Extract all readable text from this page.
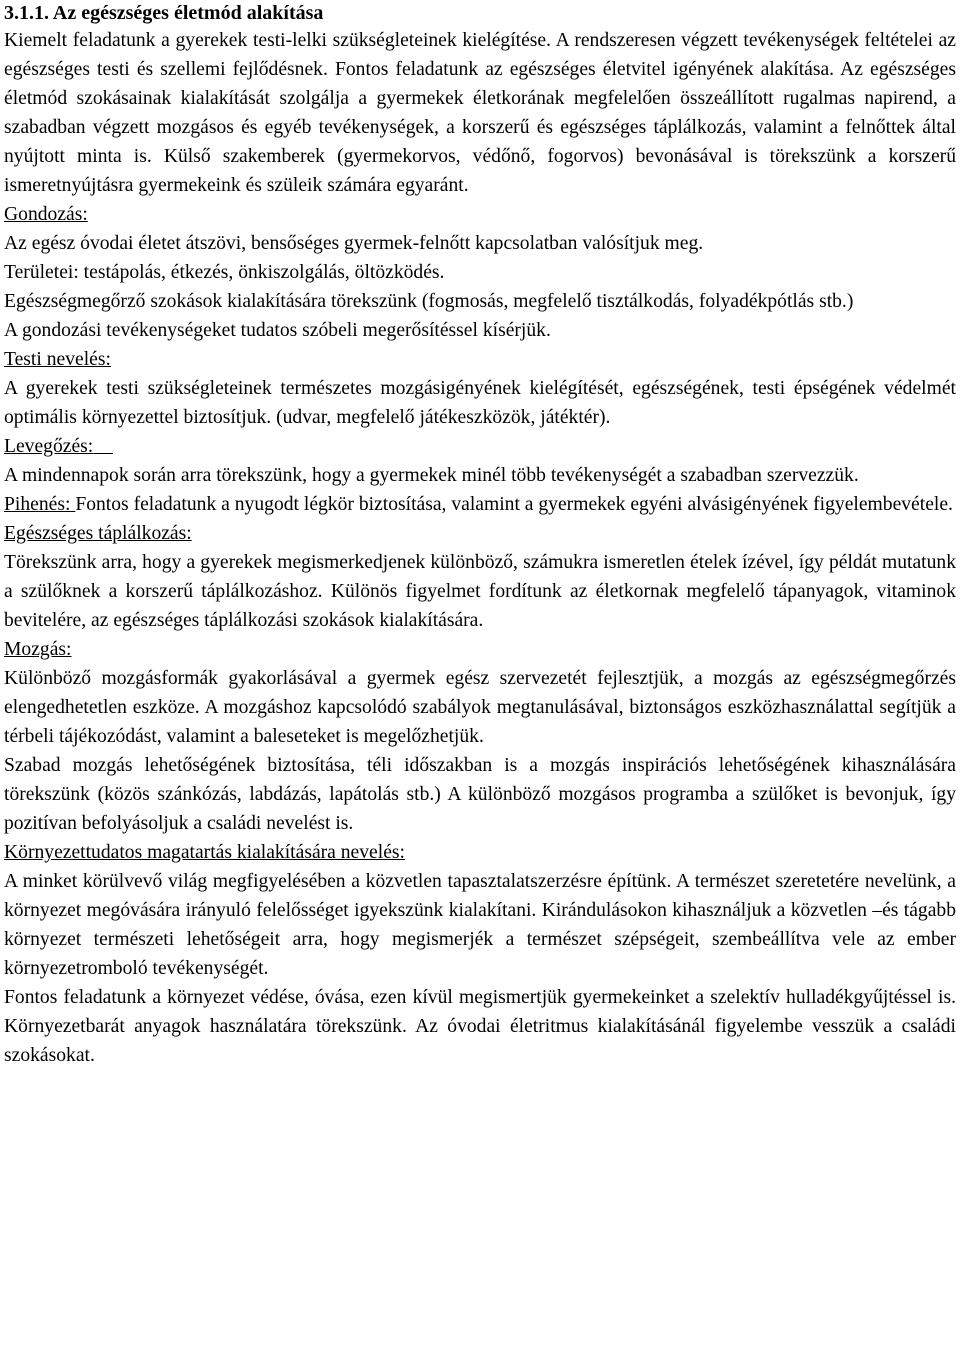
3.1.1. Az egészséges életmód alakítása

Kiemelt feladatunk a gyerekek testi-lelki szükségleteinek kielégítése. A rendszeresen végzett tevékenységek feltételei az egészséges testi és szellemi fejlődésnek. Fontos feladatunk az egészséges életvitel igényének alakítása. Az egészséges életmód szokásainak kialakítását szolgálja a gyermekek életkorának megfelelően összeállított rugalmas napirend, a szabadban végzett mozgásos és egyéb tevékenységek, a korszerű és egészséges táplálkozás, valamint a felnőttek által nyújtott minta is. Külső szakemberek (gyermekorvos, védőnő, fogorvos) bevonásával is törekszünk a korszerű ismeretnyújtásra gyermekeink és szüleik számára egyaránt.

Gondozás:

Az egész óvodai életet átszövi, bensőséges gyermek-felnőtt kapcsolatban valósítjuk meg.

Területei: testápolás, étkezés, önkiszolgálás, öltözködés.

Egészségmegőrző szokások kialakítására törekszünk (fogmosás, megfelelő tisztálkodás, folyadékpótlás stb.)

A gondozási tevékenységeket tudatos szóbeli megerősítéssel kísérjük.

Testi nevelés:

A gyerekek testi szükségleteinek természetes mozgásigényének kielégítését, egészségének, testi épségének védelmét optimális környezettel biztosítjuk. (udvar, megfelelő játékeszközök, játéktér).

Levegőzés:

A mindennapok során arra törekszünk, hogy a gyermekek minél több tevékenységét a szabadban szervezzük.

Pihenés: Fontos feladatunk a nyugodt légkör biztosítása, valamint a gyermekek egyéni alvásigényének figyelembevétele.

Egészséges táplálkozás:

Törekszünk arra, hogy a gyerekek megismerkedjenek különböző, számukra ismeretlen ételek ízével, így példát mutatunk a szülőknek a korszerű táplálkozáshoz. Különös figyelmet fordítunk az életkornak megfelelő tápanyagok, vitaminok bevitelére, az egészséges táplálkozási szokások kialakítására.

Mozgás:

Különböző mozgásformák gyakorlásával a gyermek egész szervezetét fejlesztjük, a mozgás az egészségmegőrzés elengedhetetlen eszköze. A mozgáshoz kapcsolódó szabályok megtanulásával, biztonságos eszközhasználattal segítjük a térbeli tájékozódást, valamint a baleseteket is megelőzhetjük.

Szabad mozgás lehetőségének biztosítása, téli időszakban is a mozgás inspirációs lehetőségének kihasználására törekszünk (közös szánkózás, labdázás, lapátolás stb.) A különböző mozgásos programba a szülőket is bevonjuk, így pozitívan befolyásoljuk a családi nevelést is.

Környezettudatos magatartás kialakítására nevelés:

A minket körülvevő világ megfigyelésében a közvetlen tapasztalatszerzésre építünk. A természet szeretetére nevelünk, a környezet megóvására irányuló felelősséget igyekszünk kialakítani. Kirándulásokon kihasználjuk a közvetlen –és tágabb környezet természeti lehetőségeit arra, hogy megismerjék a természet szépségeit, szembeállítva vele az ember környezetromboló tevékenységét.

Fontos feladatunk a környezet védése, óvása, ezen kívül megismertjük gyermekeinket a szelektív hulladékgyűjtéssel is. Környezetbarát anyagok használatára törekszünk. Az óvodai életritmus kialakításánál figyelembe vesszük a családi szokásokat.
